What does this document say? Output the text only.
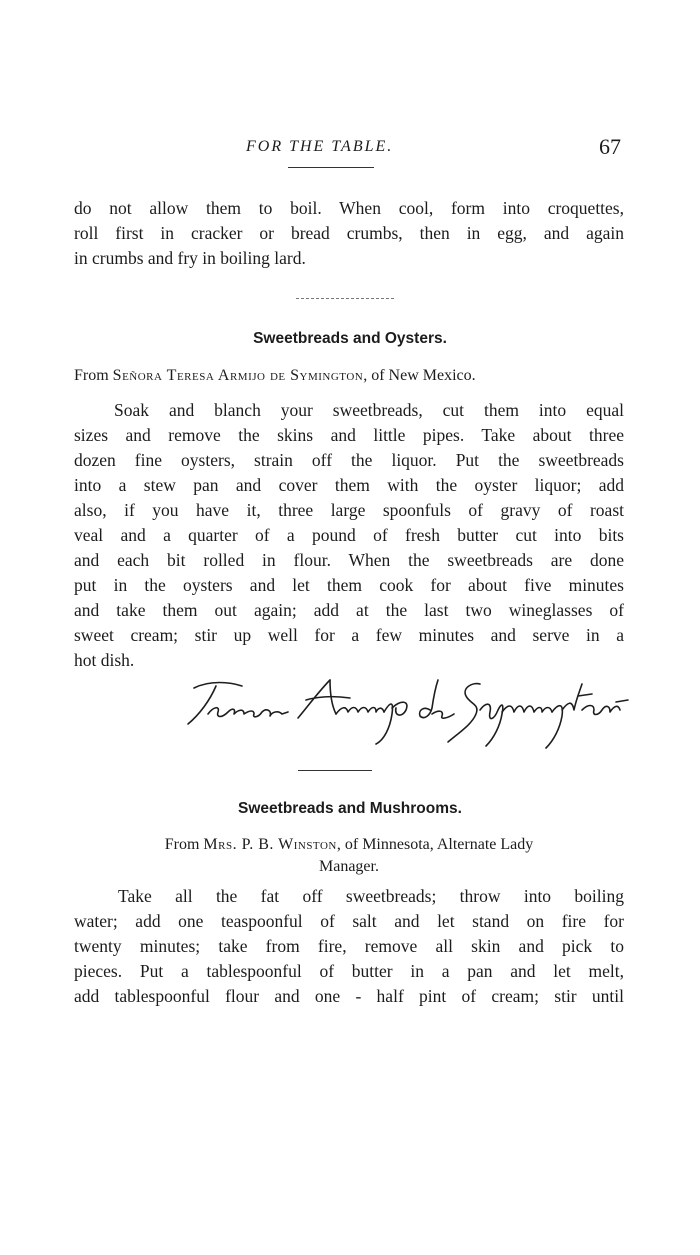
FOR THE TABLE.	67

do not allow them to boil. When cool, form into croquettes,
roll first in cracker or bread crumbs, then in egg, and again
in crumbs and fry in boiling lard.

Sweetbreads and Oysters.

From Señora Teresa Armijo de Symington, of New Mexico.

Soak and blanch your sweetbreads, cut them into equal
sizes and remove the skins and little pipes. Take about three
dozen fine oysters, strain off the liquor. Put the sweetbreads
into a stew pan and cover them with the oyster liquor; add
also, if you have it, three large spoonfuls of gravy of roast
veal and a quarter of a pound of fresh butter cut into bits
and each bit rolled in flour. When the sweetbreads are done
put in the oysters and let them cook for about five minutes
and take them out again; add at the last two wineglasses of
sweet cream; stir up well for a few minutes and serve in a
hot dish.

Sweetbreads and Mushrooms.

From Mrs. P. B. Winston, of Minnesota, Alternate Lady
Manager.

Take all the fat off sweetbreads; throw into boiling
water; add one teaspoonful of salt and let stand on fire for
twenty minutes; take from fire, remove all skin and pick to
pieces. Put a tablespoonful of butter in a pan and let melt,
add tablespoonful flour and one - half pint of cream; stir until
